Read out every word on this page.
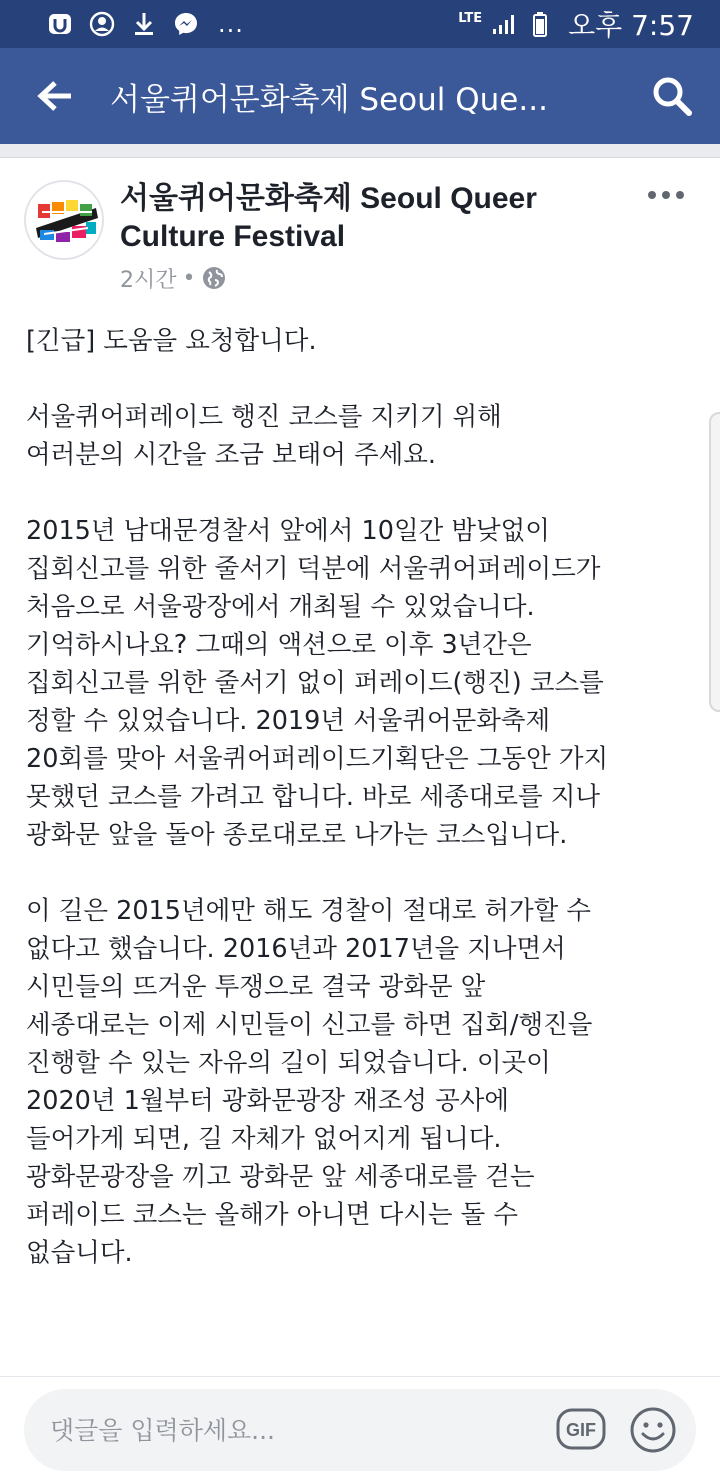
...	LTE	오후 7:57
서울퀴어문화축제 Seoul Que...
서울퀴어문화축제 Seoul Queer Culture Festival
2시간 •

[긴급] 도움을 요청합니다.

서울퀴어퍼레이드 행진 코스를 지키기 위해
여러분의 시간을 조금 보태어 주세요.

2015년 남대문경찰서 앞에서 10일간 밤낮없이
집회신고를 위한 줄서기 덕분에 서울퀴어퍼레이드가
처음으로 서울광장에서 개최될 수 있었습니다.
기억하시나요? 그때의 액션으로 이후 3년간은
집회신고를 위한 줄서기 없이 퍼레이드(행진) 코스를
정할 수 있었습니다. 2019년 서울퀴어문화축제
20회를 맞아 서울퀴어퍼레이드기획단은 그동안 가지
못했던 코스를 가려고 합니다. 바로 세종대로를 지나
광화문 앞을 돌아 종로대로로 나가는 코스입니다.

이 길은 2015년에만 해도 경찰이 절대로 허가할 수
없다고 했습니다. 2016년과 2017년을 지나면서
시민들의 뜨거운 투쟁으로 결국 광화문 앞
세종대로는 이제 시민들이 신고를 하면 집회/행진을
진행할 수 있는 자유의 길이 되었습니다. 이곳이
2020년 1월부터 광화문광장 재조성 공사에
들어가게 되면, 길 자체가 없어지게 됩니다.
광화문광장을 끼고 광화문 앞 세종대로를 걷는
퍼레이드 코스는 올해가 아니면 다시는 돌 수
없습니다.

댓글을 입력하세요...
GIF
